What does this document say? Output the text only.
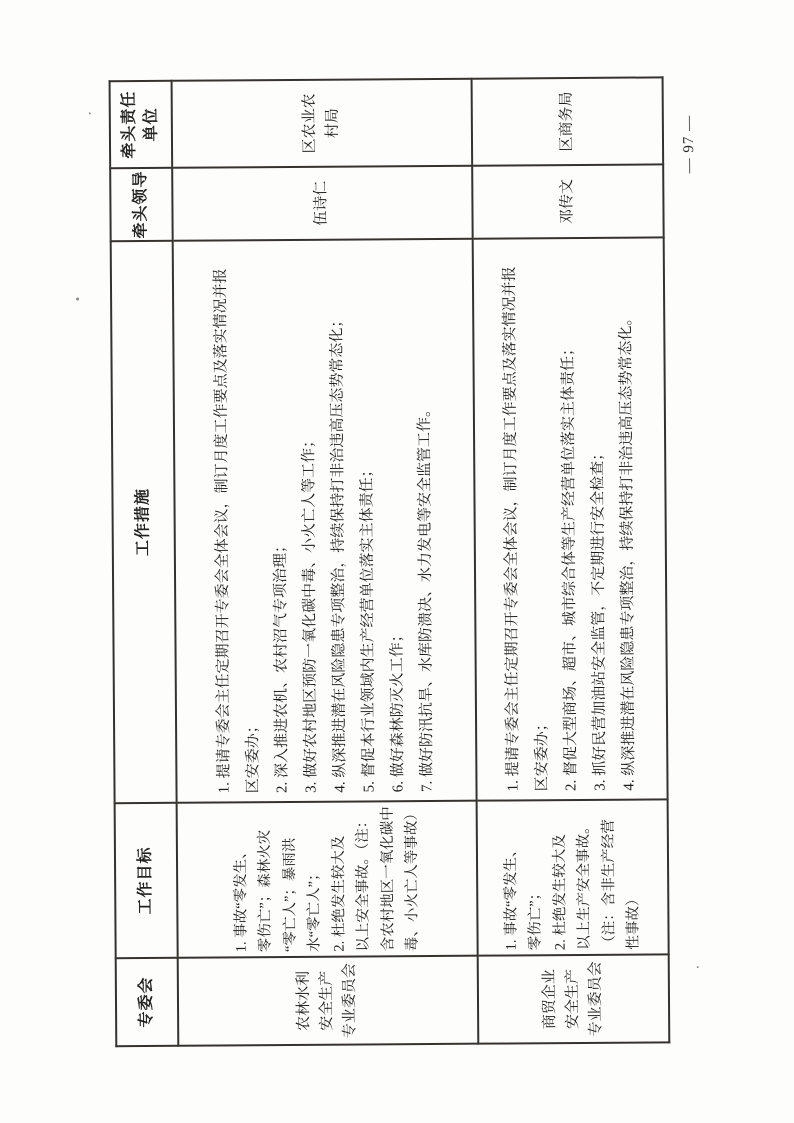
专委会	工作目标	工作措施	牵头领导	牵头责任
单位
农林水利
安全生产
专业委员会	1. 事故“零发生、
零伤亡”；森林火灾
“零亡人”；暴雨洪
水“零亡人”；
2. 杜绝发生较大及
以上安全事故。（注：
含农村地区一氧化碳中
毒、小火亡人等事故）	1. 提请专委会主任定期召开专委会全体会议，制订月度工作要点及落实情况并报
区安委办；
2. 深入推进农机、农村沼气专项治理；
3. 做好农村地区预防一氧化碳中毒、小火亡人等工作；
4. 纵深推进潜在风险隐患专项整治，持续保持打非治违高压态势常态化；
5. 督促本行业领域内生产经营单位落实主体责任；
6. 做好森林防灭火工作；
7. 做好防汛抗旱、水库防溃决、水力发电等安全监管工作。	伍诗仁	区农业农
村局
商贸企业
安全生产
专业委员会	1. 事故“零发生、
零伤亡”；
2. 杜绝发生较大及
以上生产安全事故。
（注：含非生产经营
性事故）	1. 提请专委会主任定期召开专委会全体会议，制订月度工作要点及落实情况并报
区安委办；
2. 督促大型商场、超市、城市综合体等生产经营单位落实主体责任；
3. 抓好民营加油站安全监管，不定期进行安全检查；
4. 纵深推进潜在风险隐患专项整治，持续保持打非治违高压态势常态化。	邓传文	区商务局	— 97 —
